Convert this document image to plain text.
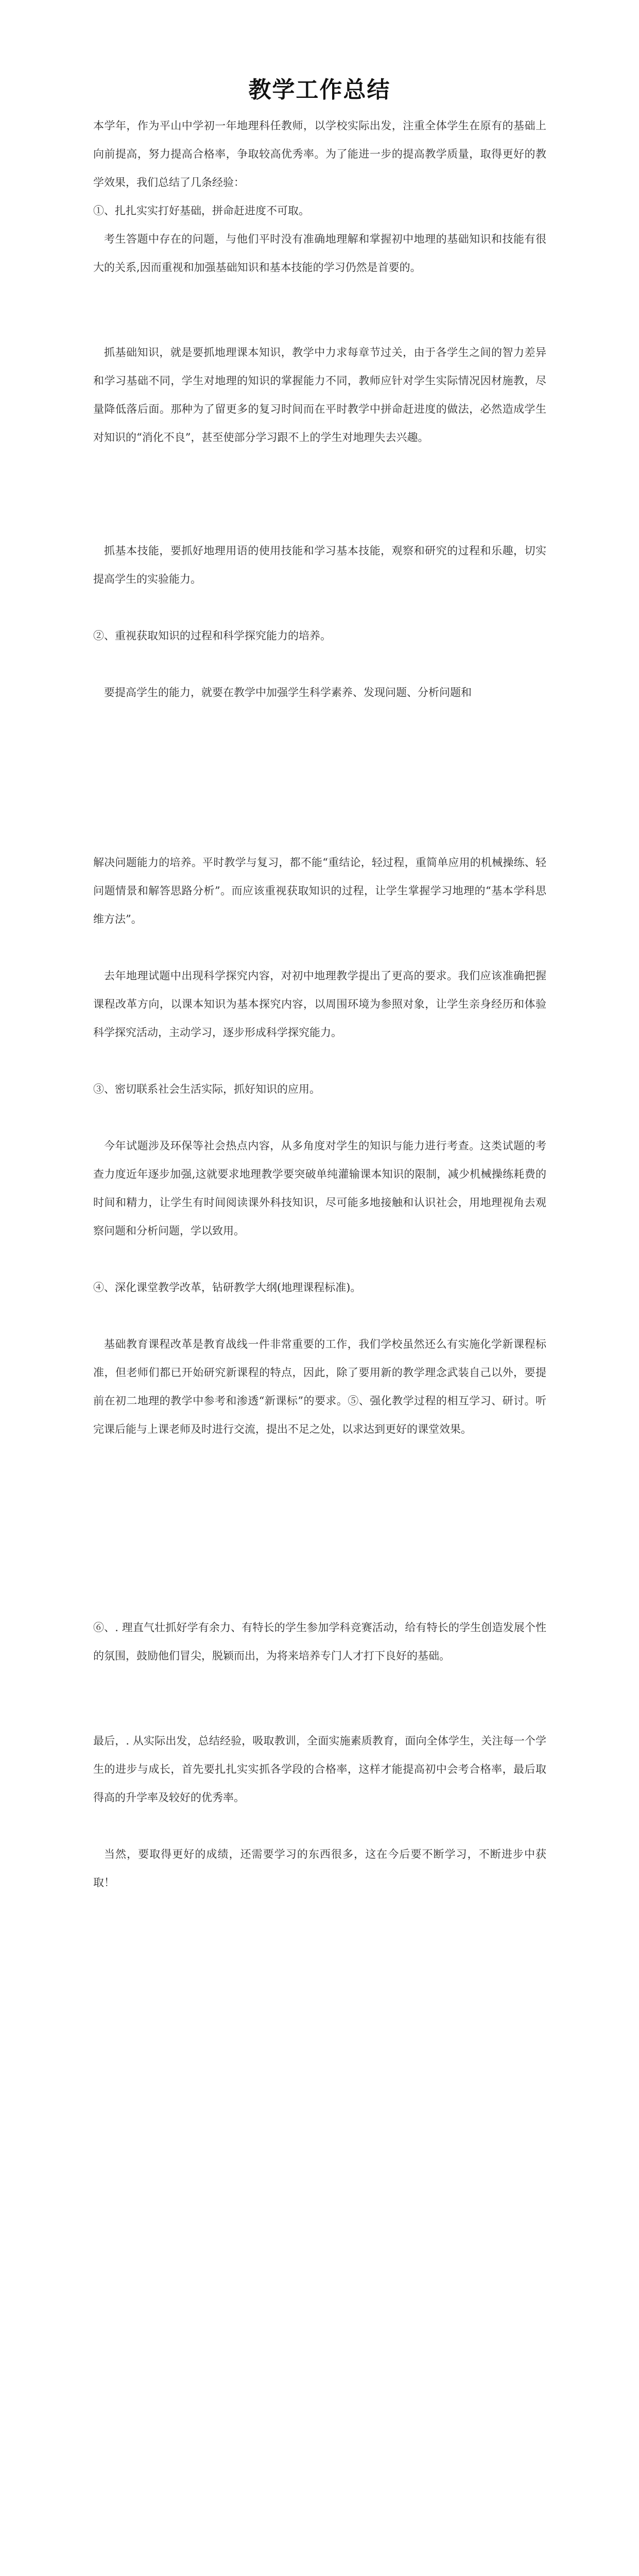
教学工作总结
本学年，作为平山中学初一年地理科任教师，以学校实际出发，注重全体学生在原有的基础上向前提高，努力提高合格率，争取较高优秀率。为了能进一步的提高教学质量，取得更好的教学效果，我们总结了几条经验：
①、扎扎实实打好基础，拼命赶进度不可取。
考生答题中存在的问题，与他们平时没有准确地理解和掌握初中地理的基础知识和技能有很大的关系,因而重视和加强基础知识和基本技能的学习仍然是首要的。
抓基础知识，就是要抓地理课本知识，教学中力求每章节过关，由于各学生之间的智力差异和学习基础不同，学生对地理的知识的掌握能力不同，教师应针对学生实际情况因材施教，尽量降低落后面。那种为了留更多的复习时间而在平时教学中拼命赶进度的做法，必然造成学生对知识的“消化不良”，甚至使部分学习跟不上的学生对地理失去兴趣。
抓基本技能，要抓好地理用语的使用技能和学习基本技能，观察和研究的过程和乐趣，切实提高学生的实验能力。
②、重视获取知识的过程和科学探究能力的培养。
要提高学生的能力，就要在教学中加强学生科学素养、发现问题、分析问题和
解决问题能力的培养。平时教学与复习，都不能“重结论，轻过程，重简单应用的机械操练、轻问题情景和解答思路分析”。而应该重视获取知识的过程，让学生掌握学习地理的“基本学科思维方法”。
去年地理试题中出现科学探究内容，对初中地理教学提出了更高的要求。我们应该准确把握课程改革方向，以课本知识为基本探究内容，以周围环境为参照对象，让学生亲身经历和体验科学探究活动，主动学习，逐步形成科学探究能力。
③、密切联系社会生活实际，抓好知识的应用。
今年试题涉及环保等社会热点内容，从多角度对学生的知识与能力进行考查。这类试题的考查力度近年逐步加强,这就要求地理教学要突破单纯灌输课本知识的限制，减少机械操练耗费的时间和精力，让学生有时间阅读课外科技知识，尽可能多地接触和认识社会，用地理视角去观察问题和分析问题，学以致用。
④、深化课堂教学改革，钻研教学大纲(地理课程标准)。
基础教育课程改革是教育战线一件非常重要的工作，我们学校虽然还么有实施化学新课程标准，但老师们都已开始研究新课程的特点，因此，除了要用新的教学理念武装自己以外，要提前在初二地理的教学中参考和渗透“新课标”的要求。⑤、强化教学过程的相互学习、研讨。听完课后能与上课老师及时进行交流，提出不足之处，以求达到更好的课堂效果。
⑥、. 理直气壮抓好学有余力、有特长的学生参加学科竞赛活动，给有特长的学生创造发展个性的氛围，鼓励他们冒尖，脱颖而出，为将来培养专门人才打下良好的基础。
最后，. 从实际出发，总结经验，吸取教训，全面实施素质教育，面向全体学生，关注每一个学生的进步与成长，首先要扎扎实实抓各学段的合格率，这样才能提高初中会考合格率，最后取得高的升学率及较好的优秀率。
当然，要取得更好的成绩，还需要学习的东西很多，这在今后要不断学习，不断进步中获取！
